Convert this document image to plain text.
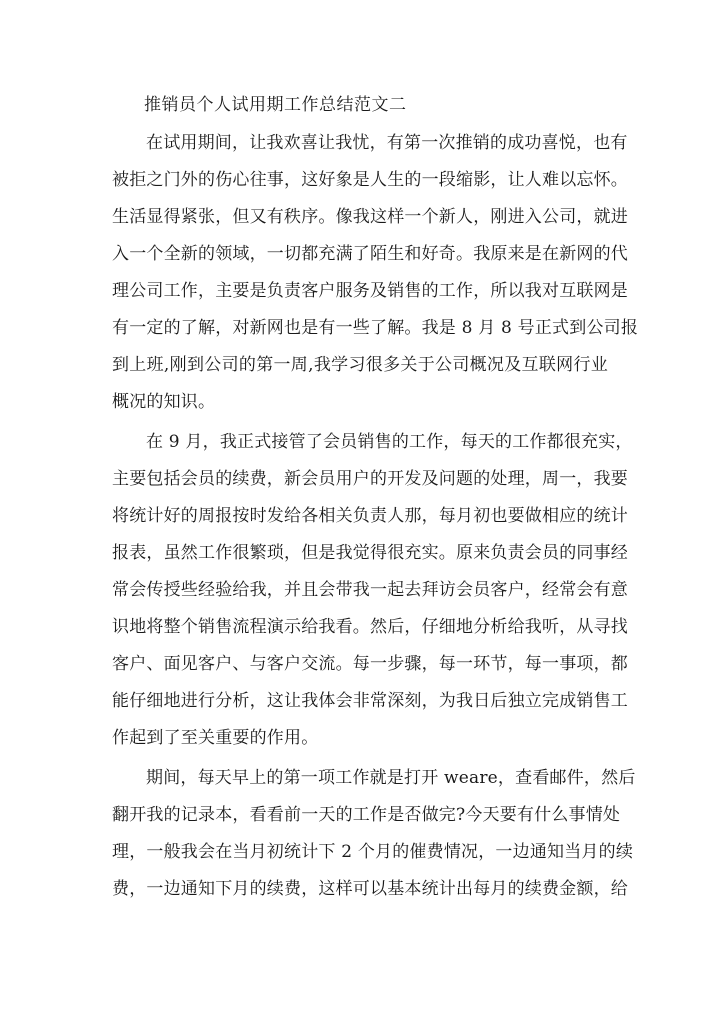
推销员个人试用期工作总结范文二
在试用期间，让我欢喜让我忧，有第一次推销的成功喜悦，也有
被拒之门外的伤心往事，这好象是人生的一段缩影，让人难以忘怀。
生活显得紧张，但又有秩序。像我这样一个新人，刚进入公司，就进
入一个全新的领域，一切都充满了陌生和好奇。我原来是在新网的代
理公司工作，主要是负责客户服务及销售的工作，所以我对互联网是
有一定的了解，对新网也是有一些了解。我是 8 月 8 号正式到公司报
到上班,刚到公司的第一周,我学习很多关于公司概况及互联网行业
概况的知识。
在 9 月，我正式接管了会员销售的工作，每天的工作都很充实，
主要包括会员的续费，新会员用户的开发及问题的处理，周一，我要
将统计好的周报按时发给各相关负责人那，每月初也要做相应的统计
报表，虽然工作很繁琐，但是我觉得很充实。原来负责会员的同事经
常会传授些经验给我，并且会带我一起去拜访会员客户，经常会有意
识地将整个销售流程演示给我看。然后，仔细地分析给我听，从寻找
客户、面见客户、与客户交流。每一步骤，每一环节，每一事项，都
能仔细地进行分析，这让我体会非常深刻，为我日后独立完成销售工
作起到了至关重要的作用。
期间，每天早上的第一项工作就是打开 weare，查看邮件，然后
翻开我的记录本，看看前一天的工作是否做完?今天要有什么事情处
理，一般我会在当月初统计下 2 个月的催费情况，一边通知当月的续
费，一边通知下月的续费，这样可以基本统计出每月的续费金额，给
